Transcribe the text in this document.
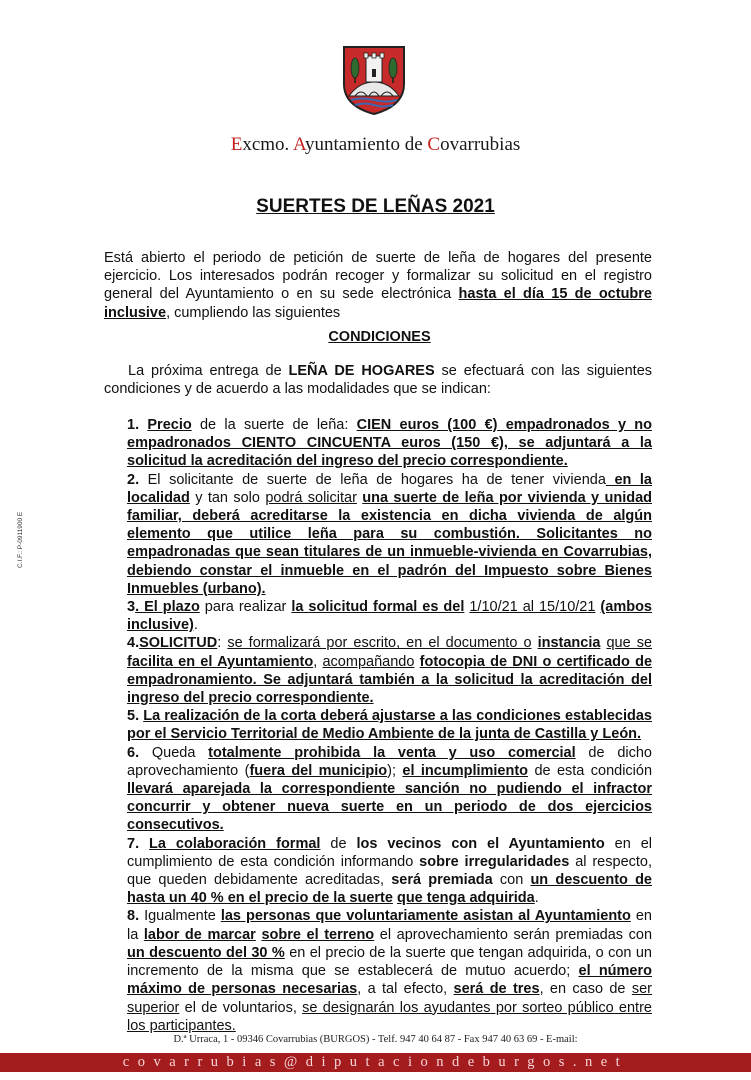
Excmo. Ayuntamiento de Covarrubias
SUERTES DE LEÑAS 2021

Está abierto el periodo de petición de suerte de leña de hogares del presente ejercicio. Los interesados podrán recoger y formalizar su solicitud en el registro general del Ayuntamiento o en su sede electrónica hasta el día 15 de octubre inclusive, cumpliendo las siguientes

CONDICIONES

La próxima entrega de LEÑA DE HOGARES se efectuará con las siguientes condiciones y de acuerdo a las modalidades que se indican:

1. Precio de la suerte de leña: CIEN euros (100 €) empadronados y no empadronados CIENTO CINCUENTA euros (150 €), se adjuntará a la solicitud la acreditación del ingreso del precio correspondiente.

2. El solicitante de suerte de leña de hogares ha de tener vivienda en la localidad y tan solo podrá solicitar una suerte de leña por vivienda y unidad familiar, deberá acreditarse la existencia en dicha vivienda de algún elemento que utilice leña para su combustión. Solicitantes no empadronadas que sean titulares de un inmueble-vivienda en Covarrubias, debiendo constar el inmueble en el padrón del Impuesto sobre Bienes Inmuebles (urbano).

3. El plazo para realizar la solicitud formal es del 1/10/21 al 15/10/21 (ambos inclusive).

4.SOLICITUD: se formalizará por escrito, en el documento o instancia que se facilita en el Ayuntamiento, acompañando fotocopia de DNI o certificado de empadronamiento. Se adjuntará también a la solicitud la acreditación del ingreso del precio correspondiente.

5. La realización de la corta deberá ajustarse a las condiciones establecidas por el Servicio Territorial de Medio Ambiente de la junta de Castilla y León.

6. Queda totalmente prohibida la venta y uso comercial de dicho aprovechamiento (fuera del municipio); el incumplimiento de esta condición llevará aparejada la correspondiente sanción no pudiendo el infractor concurrir y obtener nueva suerte en un periodo de dos ejercicios consecutivos.

7. La colaboración formal de los vecinos con el Ayuntamiento en el cumplimiento de esta condición informando sobre irregularidades al respecto, que queden debidamente acreditadas, será premiada con un descuento de hasta un 40 % en el precio de la suerte que tenga adquirida.

8. Igualmente las personas que voluntariamente asistan al Ayuntamiento en la labor de marcar sobre el terreno el aprovechamiento serán premiadas con un descuento del 30 % en el precio de la suerte que tengan adquirida, o con un incremento de la misma que se establecerá de mutuo acuerdo; el número máximo de personas necesarias, a tal efecto, será de tres, en caso de ser superior el de voluntarios, se designarán los ayudantes por sorteo público entre los participantes.

C.I.F.: P-0911900 E
D.ª Urraca, 1 - 09346 Covarrubias (BURGOS) - Telf. 947 40 64 87 - Fax 947 40 63 69 - E-mail:
covarrubias@diputaciondeburgos.net
